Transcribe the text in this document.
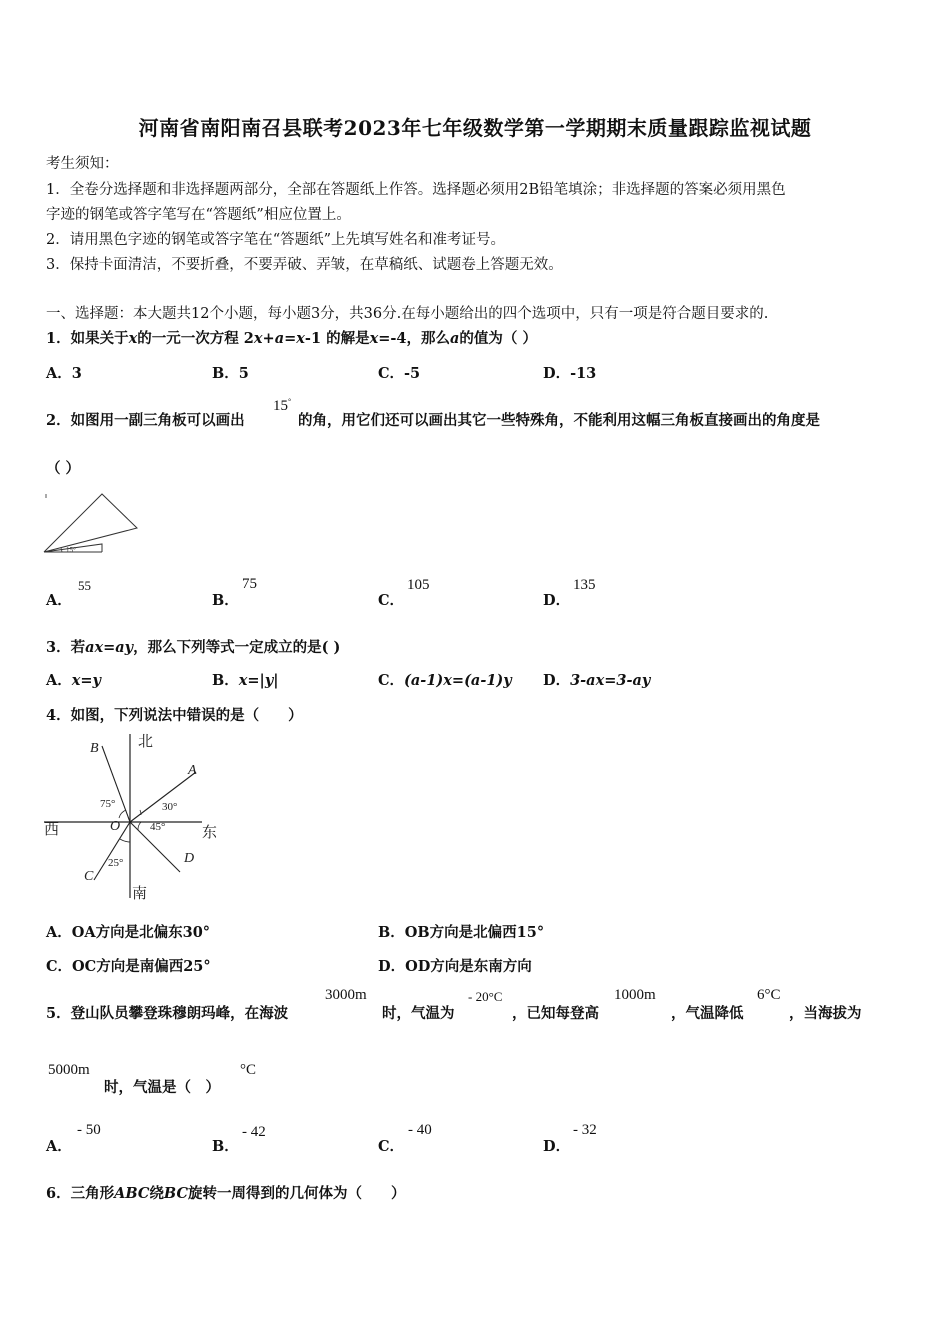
河南省南阳南召县联考2023年七年级数学第一学期期末质量跟踪监视试题
考生须知：
1．全卷分选择题和非选择题两部分，全部在答题纸上作答。选择题必须用2B铅笔填涂；非选择题的答案必须用黑色
字迹的钢笔或答字笔写在“答题纸”相应位置上。
2．请用黑色字迹的钢笔或答字笔在“答题纸”上先填写姓名和准考证号。
3．保持卡面清洁，不要折叠，不要弄破、弄皱，在草稿纸、试题卷上答题无效。
一、选择题：本大题共12个小题，每小题3分，共36分.在每小题给出的四个选项中，只有一项是符合题目要求的.
1．如果关于x的一元一次方程 2x+a=x-1 的解是x=-4，那么a的值为（ ）
A．3	B．5	C．-5	D．-13
2．如图用一副三角板可以画出
15°
的角，用它们还可以画出其它一些特殊角，不能利用这幅三角板直接画出的角度是
（ ）
15°
A．
55
B．
75
C．
105
D．
135
3．若ax=ay，那么下列等式一定成立的是( )
A．x=y	B．x=|y|	C．(a-1)x=(a-1)y D．3-ax=3-ay
4．如图，下列说法中错误的是（　　）
北
南
东
西
A
B
C
D
O
75°	30°
45°
25°
A．OA方向是北偏东30°	B．OB方向是北偏西15°
C．OC方向是南偏西25°	D．OD方向是东南方向
5．登山队员攀登珠穆朗玛峰，在海波
3000m
时，气温为
- 20°C
，已知每登高
1000m
，气温降低
6°C
，当海拔为
5000m
时，气温是（　）
°C
A．
- 50
B．
- 42
C．
- 40
D．
- 32
6．三角形ABC绕BC旋转一周得到的几何体为（　　）
